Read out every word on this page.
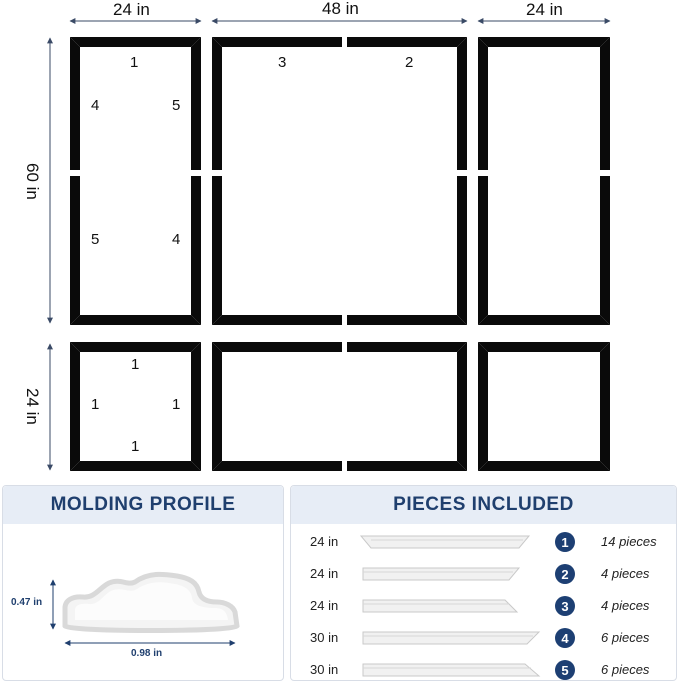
24 in	48 in	24 in
60 in
24 in
1
4	5
5	4
3	2
1
1	1
1
MOLDING PROFILE
0.47 in
0.98 in
PIECES INCLUDED
24 in	1	14 pieces
24 in	2	4 pieces
24 in	3	4 pieces
30 in	4	6 pieces
30 in	5	6 pieces
